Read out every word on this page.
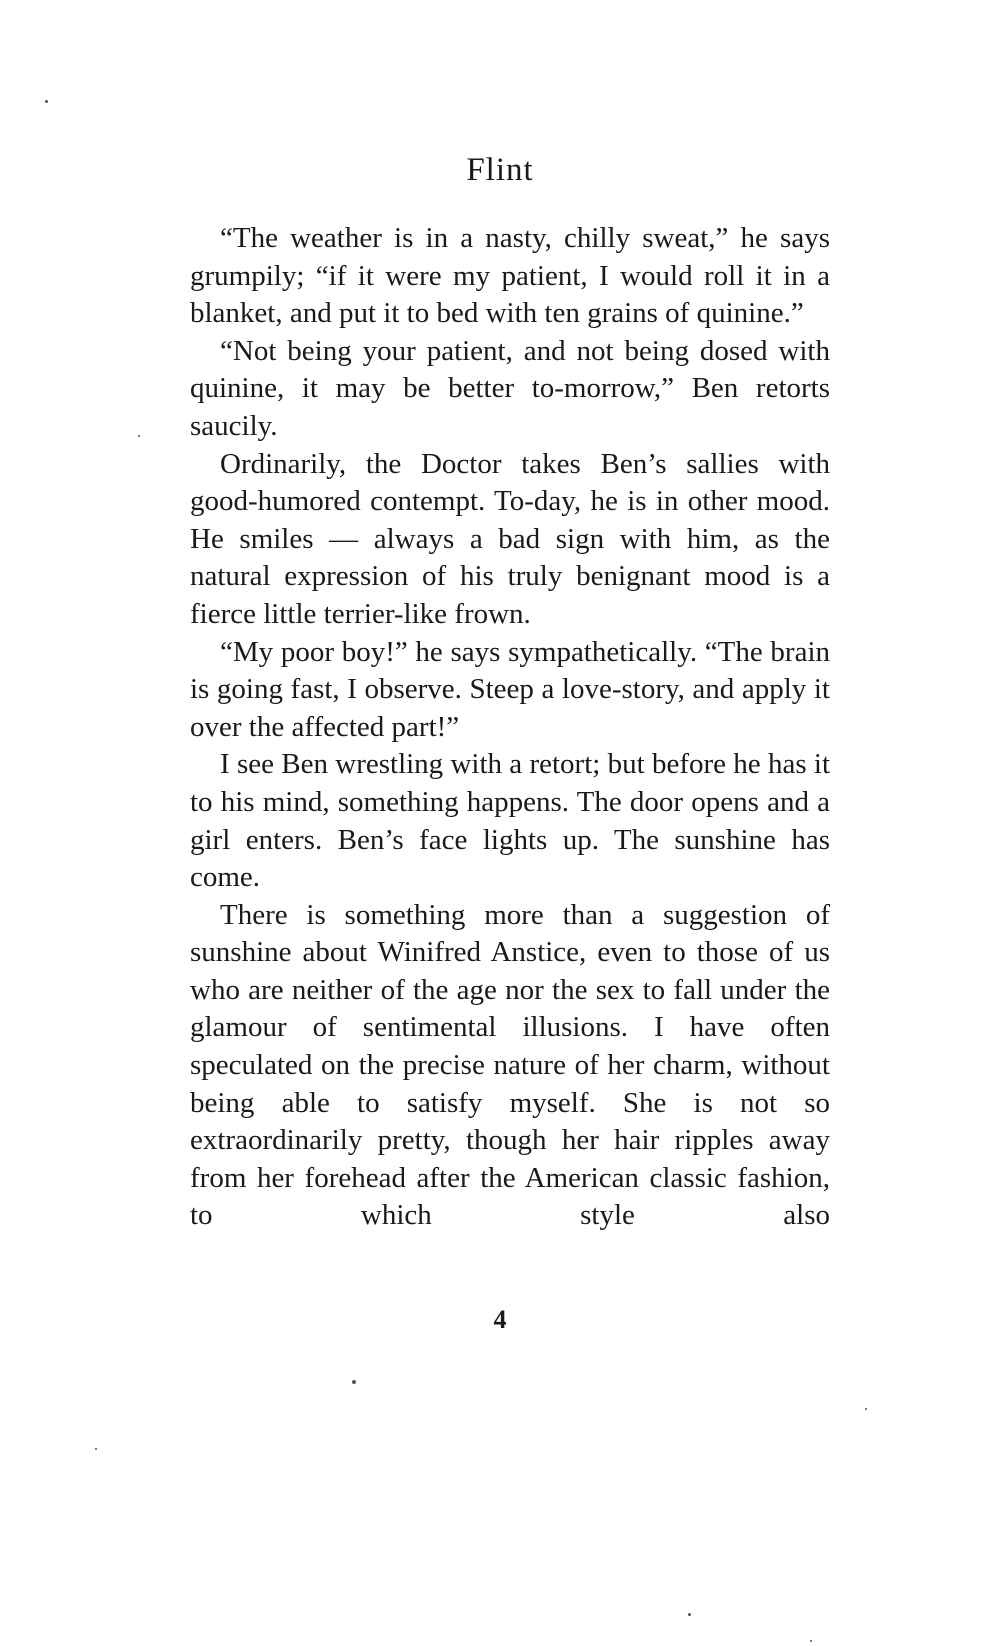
Flint

“The weather is in a nasty, chilly sweat,” he says grumpily; “if it were my patient, I would roll it in a blanket, and put it to bed with ten grains of quinine.”

“Not being your patient, and not being dosed with quinine, it may be better to-morrow,” Ben retorts saucily.

Ordinarily, the Doctor takes Ben’s sallies with good-humored contempt. To-day, he is in other mood. He smiles — always a bad sign with him, as the natural expression of his truly benignant mood is a fierce little terrier-like frown.

“My poor boy!” he says sympathetically. “The brain is going fast, I observe. Steep a love-story, and apply it over the affected part!”

I see Ben wrestling with a retort; but before he has it to his mind, something happens. The door opens and a girl enters. Ben’s face lights up. The sunshine has come.

There is something more than a suggestion of sunshine about Winifred Anstice, even to those of us who are neither of the age nor the sex to fall under the glamour of sentimental illusions. I have often speculated on the precise nature of her charm, without being able to satisfy myself. She is not so extraordinarily pretty, though her hair ripples away from her forehead after the American classic fashion, to which style also

4
